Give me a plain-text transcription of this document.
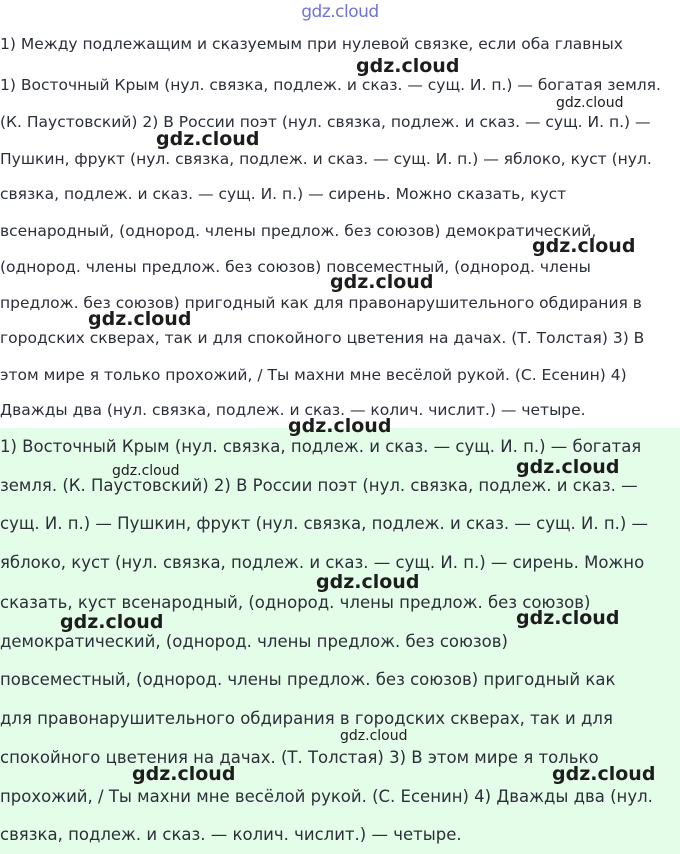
gdz.cloud
1) Между подлежащим и сказуемым при нулевой связке, если оба главных
1) Восточный Крым (нул. связка, подлеж. и сказ. — сущ. И. п.) — богатая земля.
(К. Паустовский) 2) В России поэт (нул. связка, подлеж. и сказ. — сущ. И. п.) —
Пушкин, фрукт (нул. связка, подлеж. и сказ. — сущ. И. п.) — яблоко, куст (нул.
связка, подлеж. и сказ. — сущ. И. п.) — сирень. Можно сказать, куст
всенародный, (однород. члены предлож. без союзов) демократический,
(однород. члены предлож. без союзов) повсеместный, (однород. члены
предлож. без союзов) пригодный как для правонарушительного обдирания в
городских скверах, так и для спокойного цветения на дачах. (Т. Толстая) 3) В
этом мире я только прохожий, / Ты махни мне весёлой рукой. (С. Есенин) 4)
Дважды два (нул. связка, подлеж. и сказ. — колич. числит.) — четыре.
1) Восточный Крым (нул. связка, подлеж. и сказ. — сущ. И. п.) — богатая
земля. (К. Паустовский) 2) В России поэт (нул. связка, подлеж. и сказ. —
сущ. И. п.) — Пушкин, фрукт (нул. связка, подлеж. и сказ. — сущ. И. п.) —
яблоко, куст (нул. связка, подлеж. и сказ. — сущ. И. п.) — сирень. Можно
сказать, куст всенародный, (однород. члены предлож. без союзов)
демократический, (однород. члены предлож. без союзов)
повсеместный, (однород. члены предлож. без союзов) пригодный как
для правонарушительного обдирания в городских скверах, так и для
спокойного цветения на дачах. (Т. Толстая) 3) В этом мире я только
прохожий, / Ты махни мне весёлой рукой. (С. Есенин) 4) Дважды два (нул.
связка, подлеж. и сказ. — колич. числит.) — четыре.
gdz.cloud
gdz.cloud
gdz.cloud
gdz.cloud
gdz.cloud
gdz.cloud
gdz.cloud
gdz.cloud
gdz.cloud
gdz.cloud
gdz.cloud	gdz.cloud
gdz.cloud
gdz.cloud	gdz.cloud
